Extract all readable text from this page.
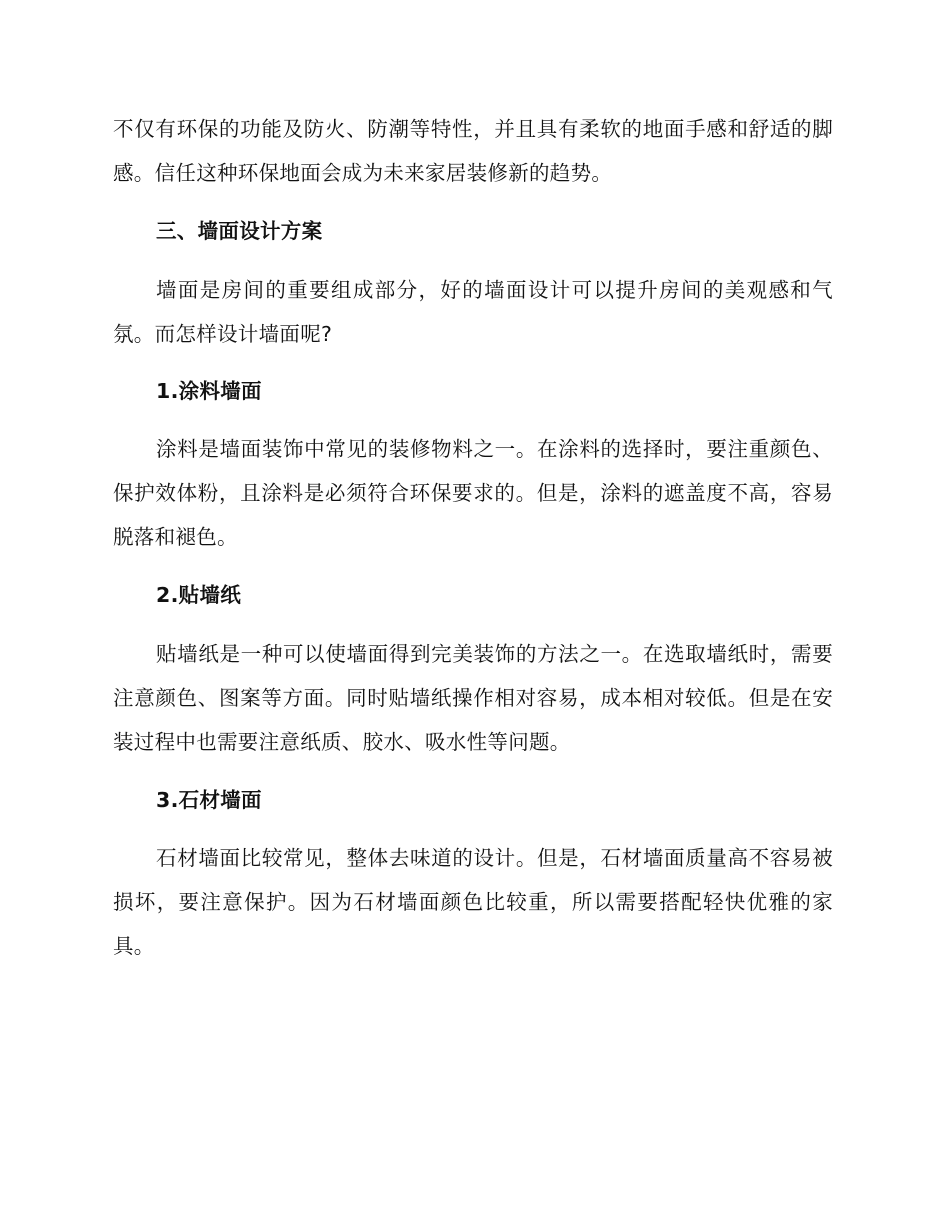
不仅有环保的功能及防火、防潮等特性，并且具有柔软的地面手感和舒适的脚感。信任这种环保地面会成为未来家居装修新的趋势。

三、墙面设计方案

墙面是房间的重要组成部分，好的墙面设计可以提升房间的美观感和气氛。而怎样设计墙面呢?

1.涂料墙面

涂料是墙面装饰中常见的装修物料之一。在涂料的选择时，要注重颜色、保护效体粉，且涂料是必须符合环保要求的。但是，涂料的遮盖度不高，容易脱落和褪色。

2.贴墙纸

贴墙纸是一种可以使墙面得到完美装饰的方法之一。在选取墙纸时，需要注意颜色、图案等方面。同时贴墙纸操作相对容易，成本相对较低。但是在安装过程中也需要注意纸质、胶水、吸水性等问题。

3.石材墙面

石材墙面比较常见，整体去味道的设计。但是，石材墙面质量高不容易被损坏，要注意保护。因为石材墙面颜色比较重，所以需要搭配轻快优雅的家具。
